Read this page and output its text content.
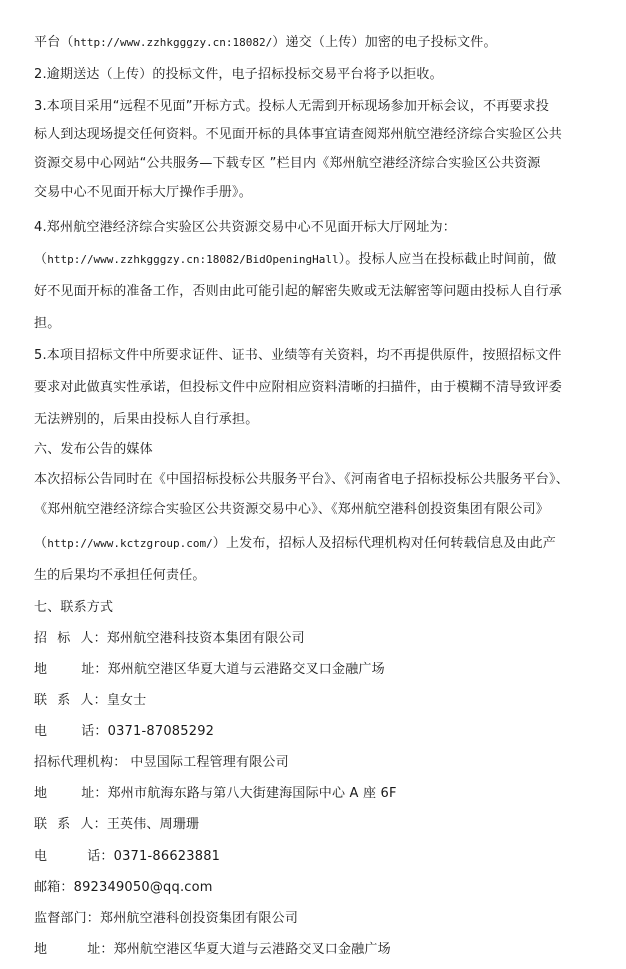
平台（http://www.zzhkgggzy.cn:18082/）递交（上传）加密的电子投标文件。
2.逾期送达（上传）的投标文件，电子招标投标交易平台将予以拒收。
3.本项目采用“远程不见面”开标方式。投标人无需到开标现场参加开标会议，不再要求投
标人到达现场提交任何资料。不见面开标的具体事宜请查阅郑州航空港经济综合实验区公共
资源交易中心网站“公共服务—下载专区 ”栏目内《郑州航空港经济综合实验区公共资源
交易中心不见面开标大厅操作手册》。
4.郑州航空港经济综合实验区公共资源交易中心不见面开标大厅网址为：
（http://www.zzhkgggzy.cn:18082/BidOpeningHall）。投标人应当在投标截止时间前，做
好不见面开标的准备工作，否则由此可能引起的解密失败或无法解密等问题由投标人自行承
担。
5.本项目招标文件中所要求证件、证书、业绩等有关资料，均不再提供原件，按照招标文件
要求对此做真实性承诺，但投标文件中应附相应资料清晰的扫描件，由于模糊不清导致评委
无法辨别的，后果由投标人自行承担。
六、发布公告的媒体
本次招标公告同时在《中国招标投标公共服务平台》、《河南省电子招标投标公共服务平台》、
《郑州航空港经济综合实验区公共资源交易中心》、《郑州航空港科创投资集团有限公司》
（http://www.kctzgroup.com/）上发布，招标人及招标代理机构对任何转载信息及由此产
生的后果均不承担任何责任。
七、联系方式
招 标 人：郑州航空港科技资本集团有限公司
地	址：郑州航空港区华夏大道与云港路交叉口金融广场
联 系 人：皇女士
电	话：0371-87085292
招标代理机构： 中昱国际工程管理有限公司
地	址：郑州市航海东路与第八大街建海国际中心 A 座 6F
联 系 人：王英伟、周珊珊
电	话：0371-86623881
邮箱：892349050@qq.com
监督部门：郑州航空港科创投资集团有限公司
地	址：郑州航空港区华夏大道与云港路交叉口金融广场
